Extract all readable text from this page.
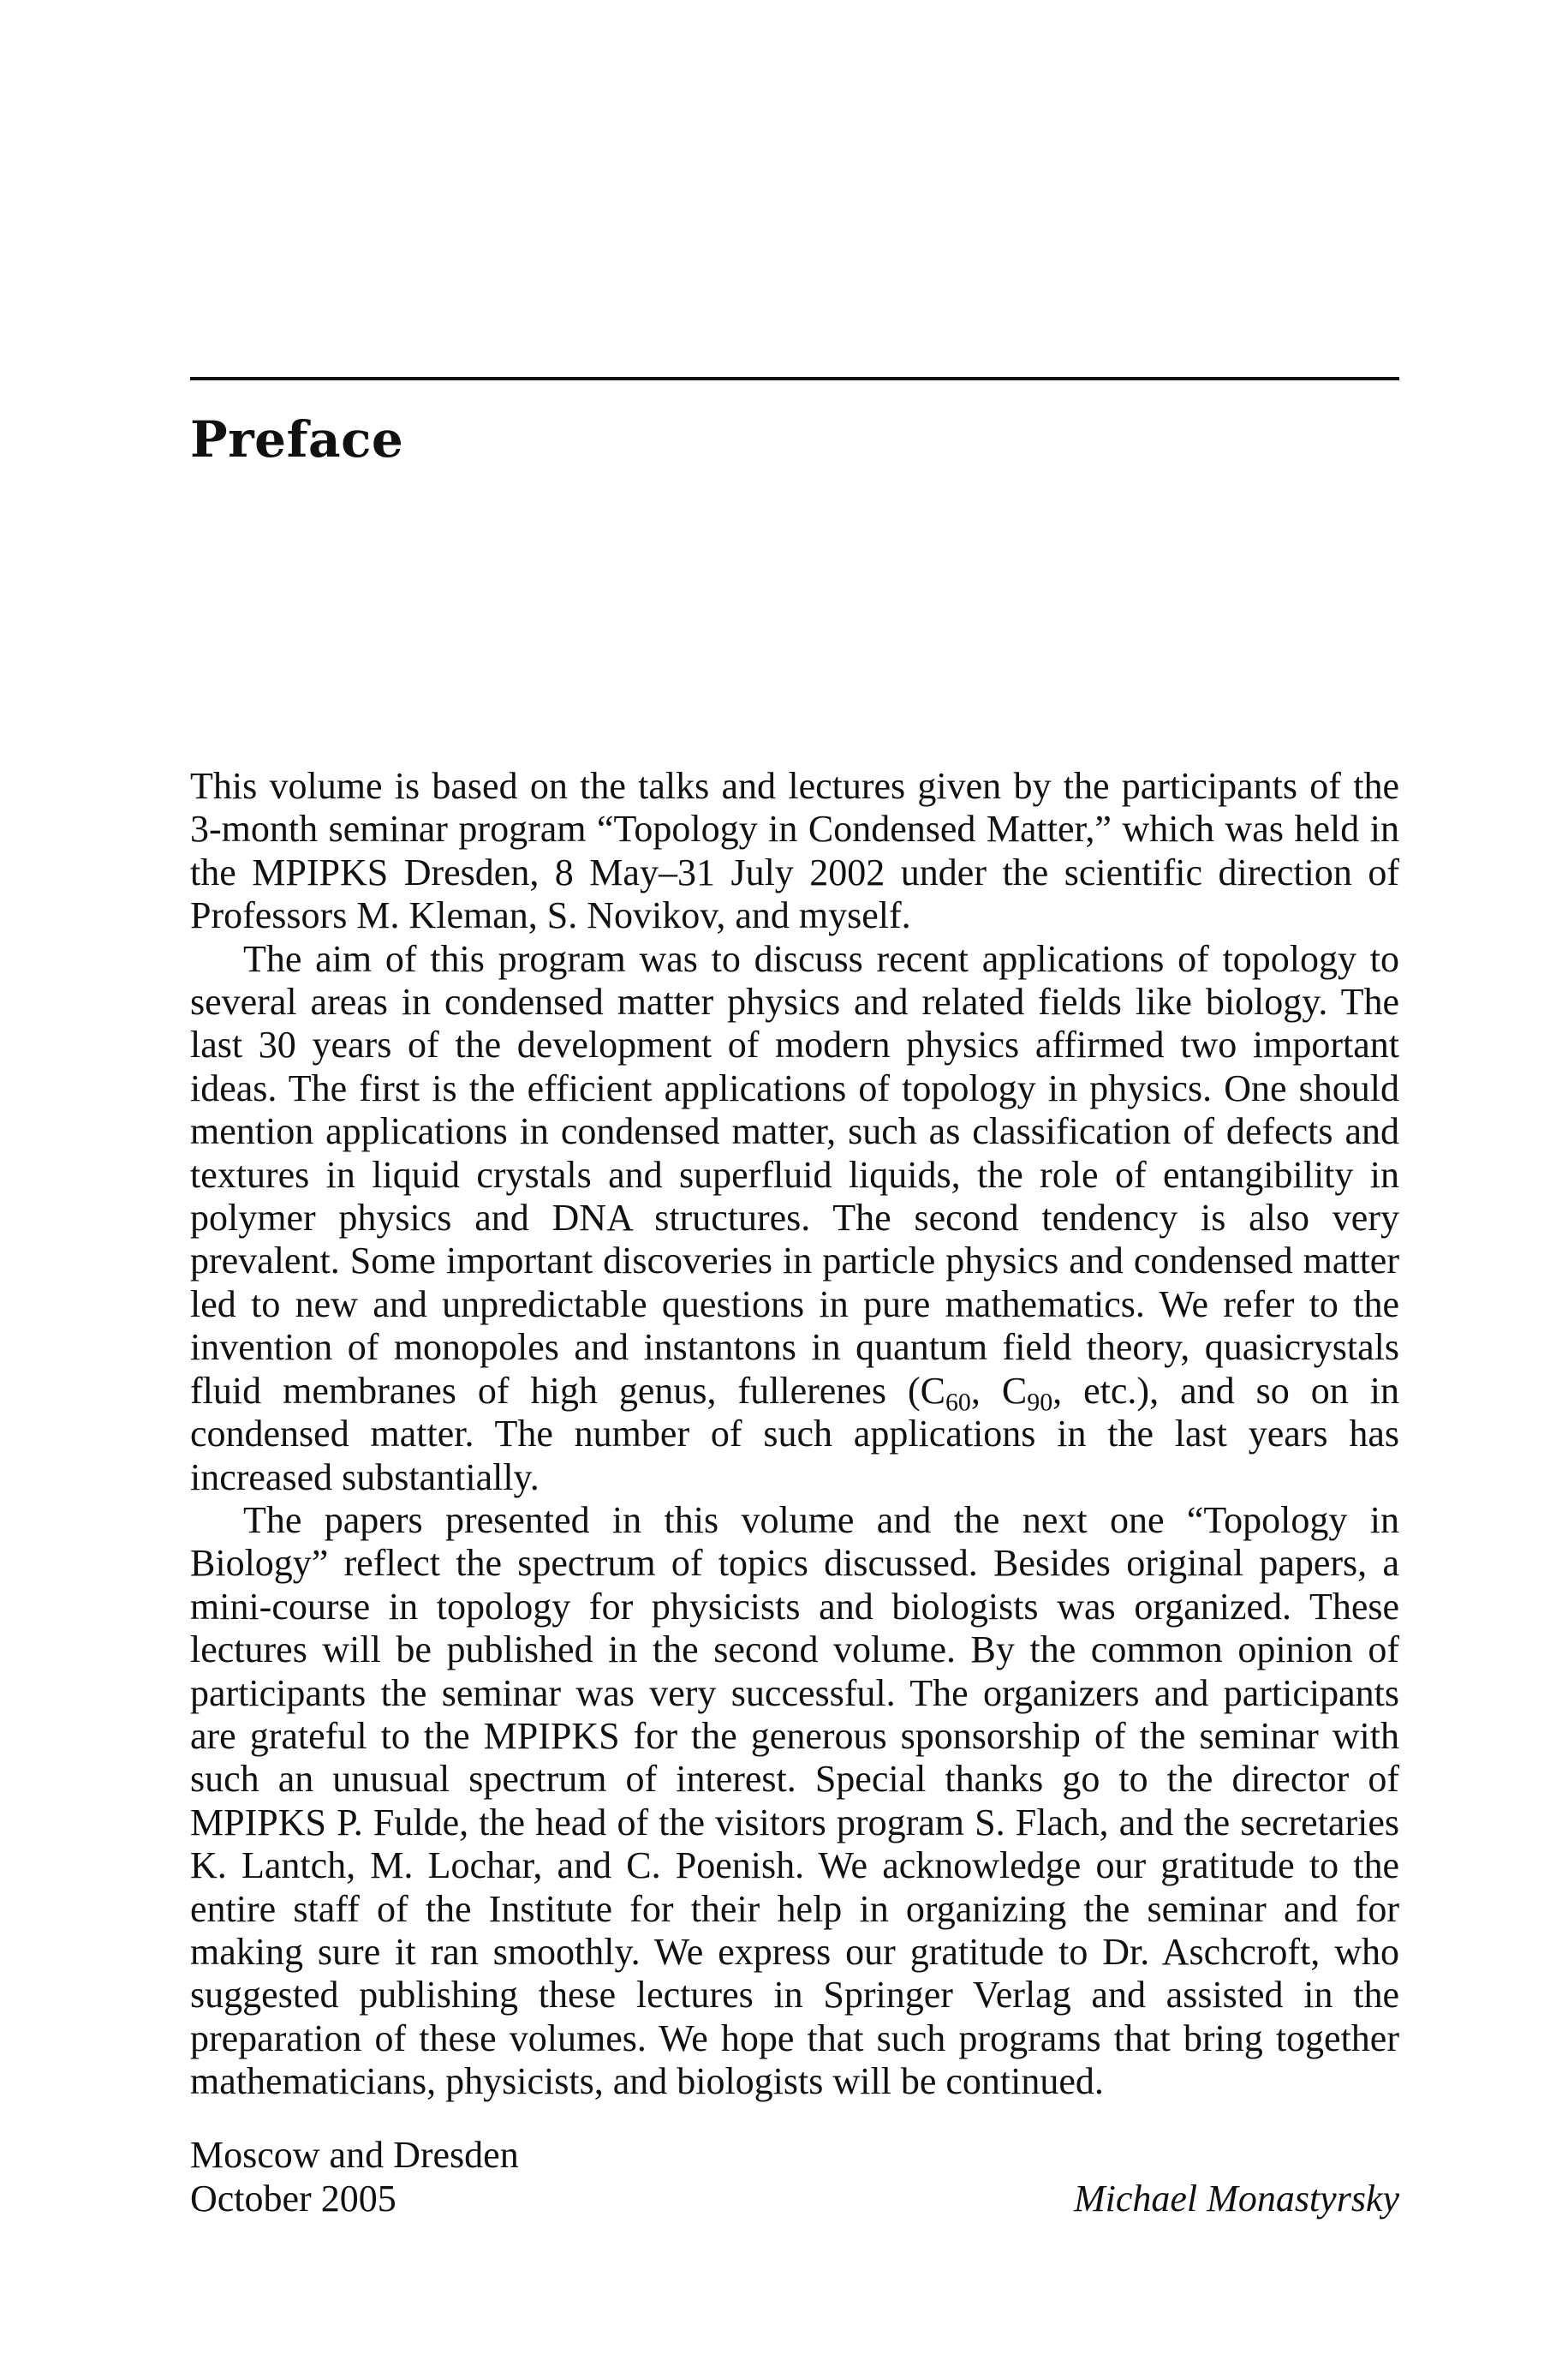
Preface

This volume is based on the talks and lectures given by the participants of the 3-month seminar program “Topology in Condensed Matter,” which was held in the MPIPKS Dresden, 8 May–31 July 2002 under the scientific direction of Professors M. Kleman, S. Novikov, and myself.

The aim of this program was to discuss recent applications of topology to several areas in condensed matter physics and related fields like biology. The last 30 years of the development of modern physics affirmed two important ideas. The first is the efficient applications of topology in physics. One should mention applications in condensed matter, such as classification of defects and textures in liquid crystals and superfluid liquids, the role of entangibility in polymer physics and DNA structures. The second tendency is also very prevalent. Some important discoveries in particle physics and condensed matter led to new and unpredictable questions in pure mathematics. We refer to the invention of monopoles and instantons in quantum field theory, quasicrystals fluid membranes of high genus, fullerenes ($C_{60}$, $C_{90}$, etc.), and so on in condensed matter. The number of such applications in the last years has increased substantially.

The papers presented in this volume and the next one “Topology in Biology” reflect the spectrum of topics discussed. Besides original papers, a mini-course in topology for physicists and biologists was organized. These lectures will be published in the second volume. By the common opinion of participants the seminar was very successful. The organizers and participants are grateful to the MPIPKS for the generous sponsorship of the seminar with such an unusual spectrum of interest. Special thanks go to the director of MPIPKS P. Fulde, the head of the visitors program S. Flach, and the secretaries K. Lantch, M. Lochar, and C. Poenish. We acknowledge our gratitude to the entire staff of the Institute for their help in organizing the seminar and for making sure it ran smoothly. We express our gratitude to Dr. Aschcroft, who suggested publishing these lectures in Springer Verlag and assisted in the preparation of these volumes. We hope that such programs that bring together mathematicians, physicists, and biologists will be continued.

Moscow and Dresden
October 2005	Michael Monastyrsky
